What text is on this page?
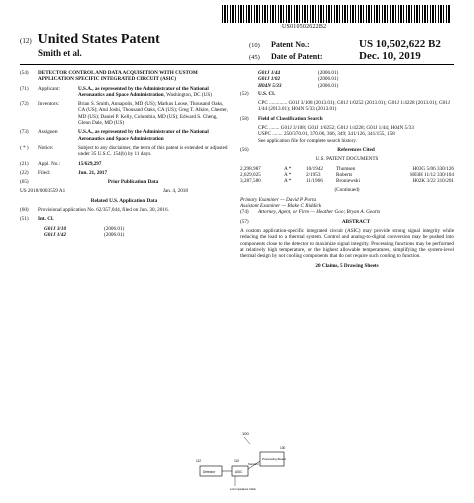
US010502622B2
(12) United States Patent
Smith et al.
(10)	Patent No.:	US 10,502,622 B2
(45)	Date of Patent:	Dec. 10, 2019
(54)	DETECTOR CONTROL AND DATA ACQUISITION WITH CUSTOM APPLICATION SPECIFIC INTEGRATED CIRCUIT (ASIC)
(71)	Applicant:	U.S.A., as represented by the Administrator of the National Aeronautics and Space Administration, Washington, DC (US)
(72)	Inventors:	Brian S. Smith, Annapolis, MD (US); Markus Loose, Thousand Oaks, CA (US); Atul Joshi, Thousand Oaks, CA (US); Greg T. Alkire, Chester, MD (US); Daniel P. Kelly, Columbia, MD (US); Edward S. Cheng, Glenn Dale, MD (US)
(73)	Assignee:	U.S.A., as represented by the Administrator of the National Aeronautics and Space Administration
( * )	Notice:	Subject to any disclaimer, the term of this patent is extended or adjusted under 35 U.S.C. 154(b) by 11 days.
(21)	Appl. No.:	15/629,297
(22)	Filed:	Jun. 21, 2017
(65)	Prior Publication Data
US 2018/0003559 A1	Jan. 4, 2018
Related U.S. Application Data
(60)	Provisional application No. 62/357,044, filed on Jun. 30, 2016.
(51)	Int. Cl.
G01J 3/10	(2006.01)
G01J 1/42	(2006.01)
G01J 1/44	(2006.01)
G01J 1/02	(2006.01)
H04N 5/33	(2006.01)
(52)	U.S. Cl.
CPC .............. G01J 3/108 (2013.01); G01J 1/0252 (2013.01); G01J 1/4228 (2013.01); G01J 1/44 (2013.01); H04N 5/33 (2013.01)
(58)	Field of Classification Search
CPC ........ G01J 3/108; G01J 1/0252; G01J 1/4228; G01J 1/44; H04N 5/33
USPC ........ 250/370.01, 370.06, 366, 349; 341/126, 341/155, 158
See application file for complete search history.
(56)	References Cited
U.S. PATENT DOCUMENTS
2,298,987	A *	10/1942	Thomsen	H03G 5/06 330/126
2,629,025	A *	2/1953	Roberts	H03H 11/12 330/104
3,287,580	A *	11/1966	Broniewski	H02K 3/22 310/201
(Continued)
Primary Examiner — David P Porta
Assistant Examiner — Blake C Riddick
(74)	Attorney, Agent, or Firm — Heather Goo; Bryan A. Gearts
(57)	ABSTRACT
A custom application-specific integrated circuit (ASIC) may provide strong signal integrity while reducing the load to a thermal system. Control and analog-to-digital conversion may be pushed into components close to the detector to maximize signal integrity. Processing functions may be performed at relatively high temperature, or the highest allowable temperatures, simplifying the system-level thermal design by not cooling components that do not require such cooling to function.
20 Claims, 5 Drawing Sheets
100
Detector	ASIC
Processing Board
Standard
112	110
130
Low Impedance Cable
